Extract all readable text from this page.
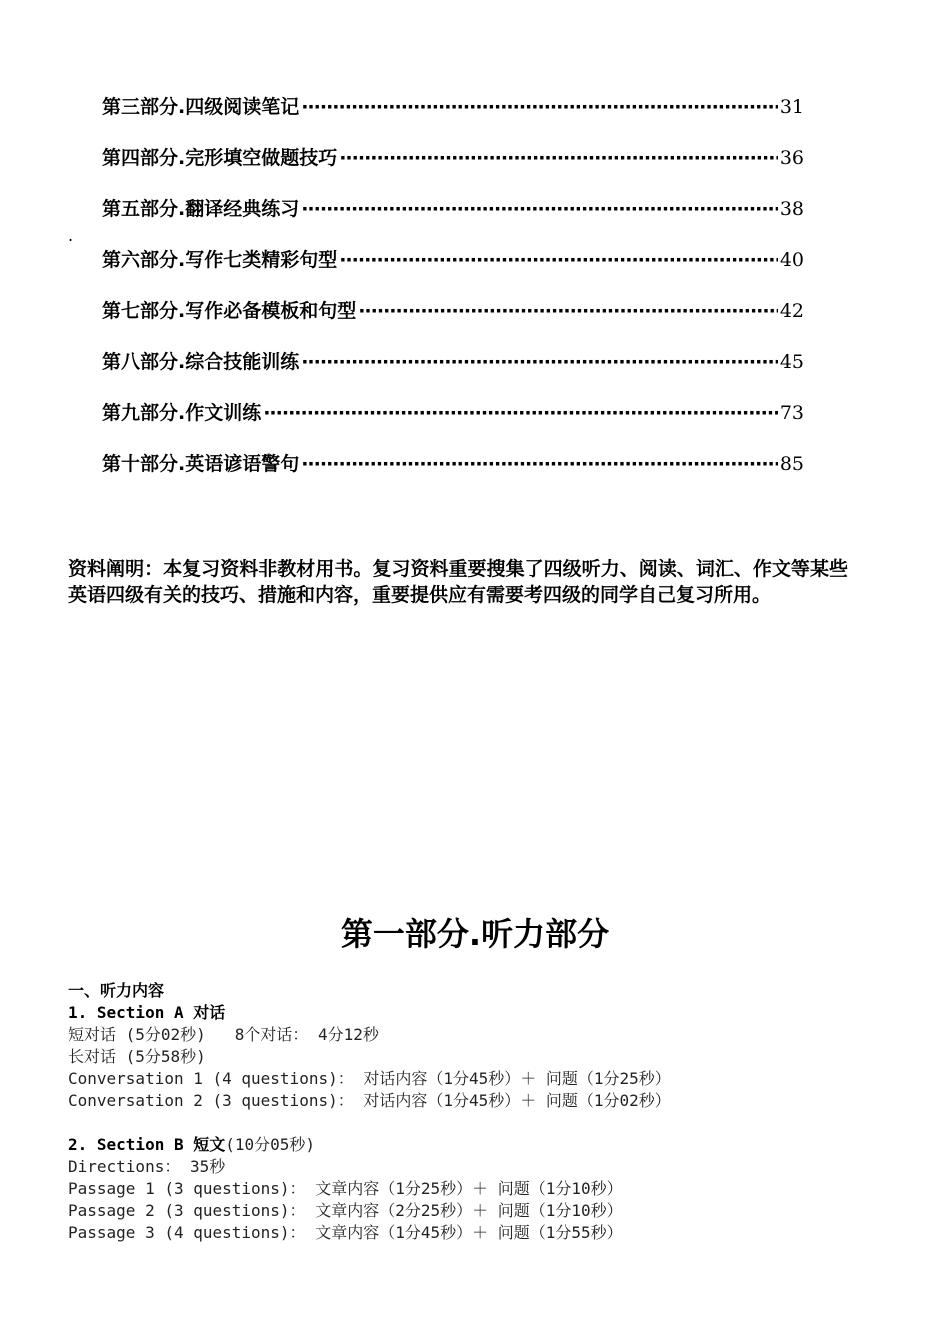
第三部分.四级阅读笔记 ·····	31
第四部分.完形填空做题技巧 ·····	36
第五部分.翻译经典练习 ·····	38
第六部分.写作七类精彩句型 ·····	40
第七部分.写作必备模板和句型 ·····	42
第八部分.综合技能训练 ·····	45
第九部分.作文训练 ·····	73
第十部分.英语谚语警句 ·····	85
.
资料阐明：本复习资料非教材用书。复习资料重要搜集了四级听力、阅读、词汇、作文等某些英语四级有关的技巧、措施和内容，重要提供应有需要考四级的同学自己复习所用。
第一部分.听力部分
一、听力内容
1. Section A 对话
短对话 (5分02秒)   8个对话： 4分12秒
长对话 (5分58秒)
Conversation 1 (4 questions)： 对话内容（1分45秒）＋ 问题（1分25秒）
Conversation 2 (3 questions)： 对话内容（1分45秒）＋ 问题（1分02秒）
2. Section B 短文(10分05秒)
Directions： 35秒
Passage 1 (3 questions)： 文章内容（1分25秒）＋ 问题（1分10秒）
Passage 2 (3 questions)： 文章内容（2分25秒）＋ 问题（1分10秒）
Passage 3 (4 questions)： 文章内容（1分45秒）＋ 问题（1分55秒）
